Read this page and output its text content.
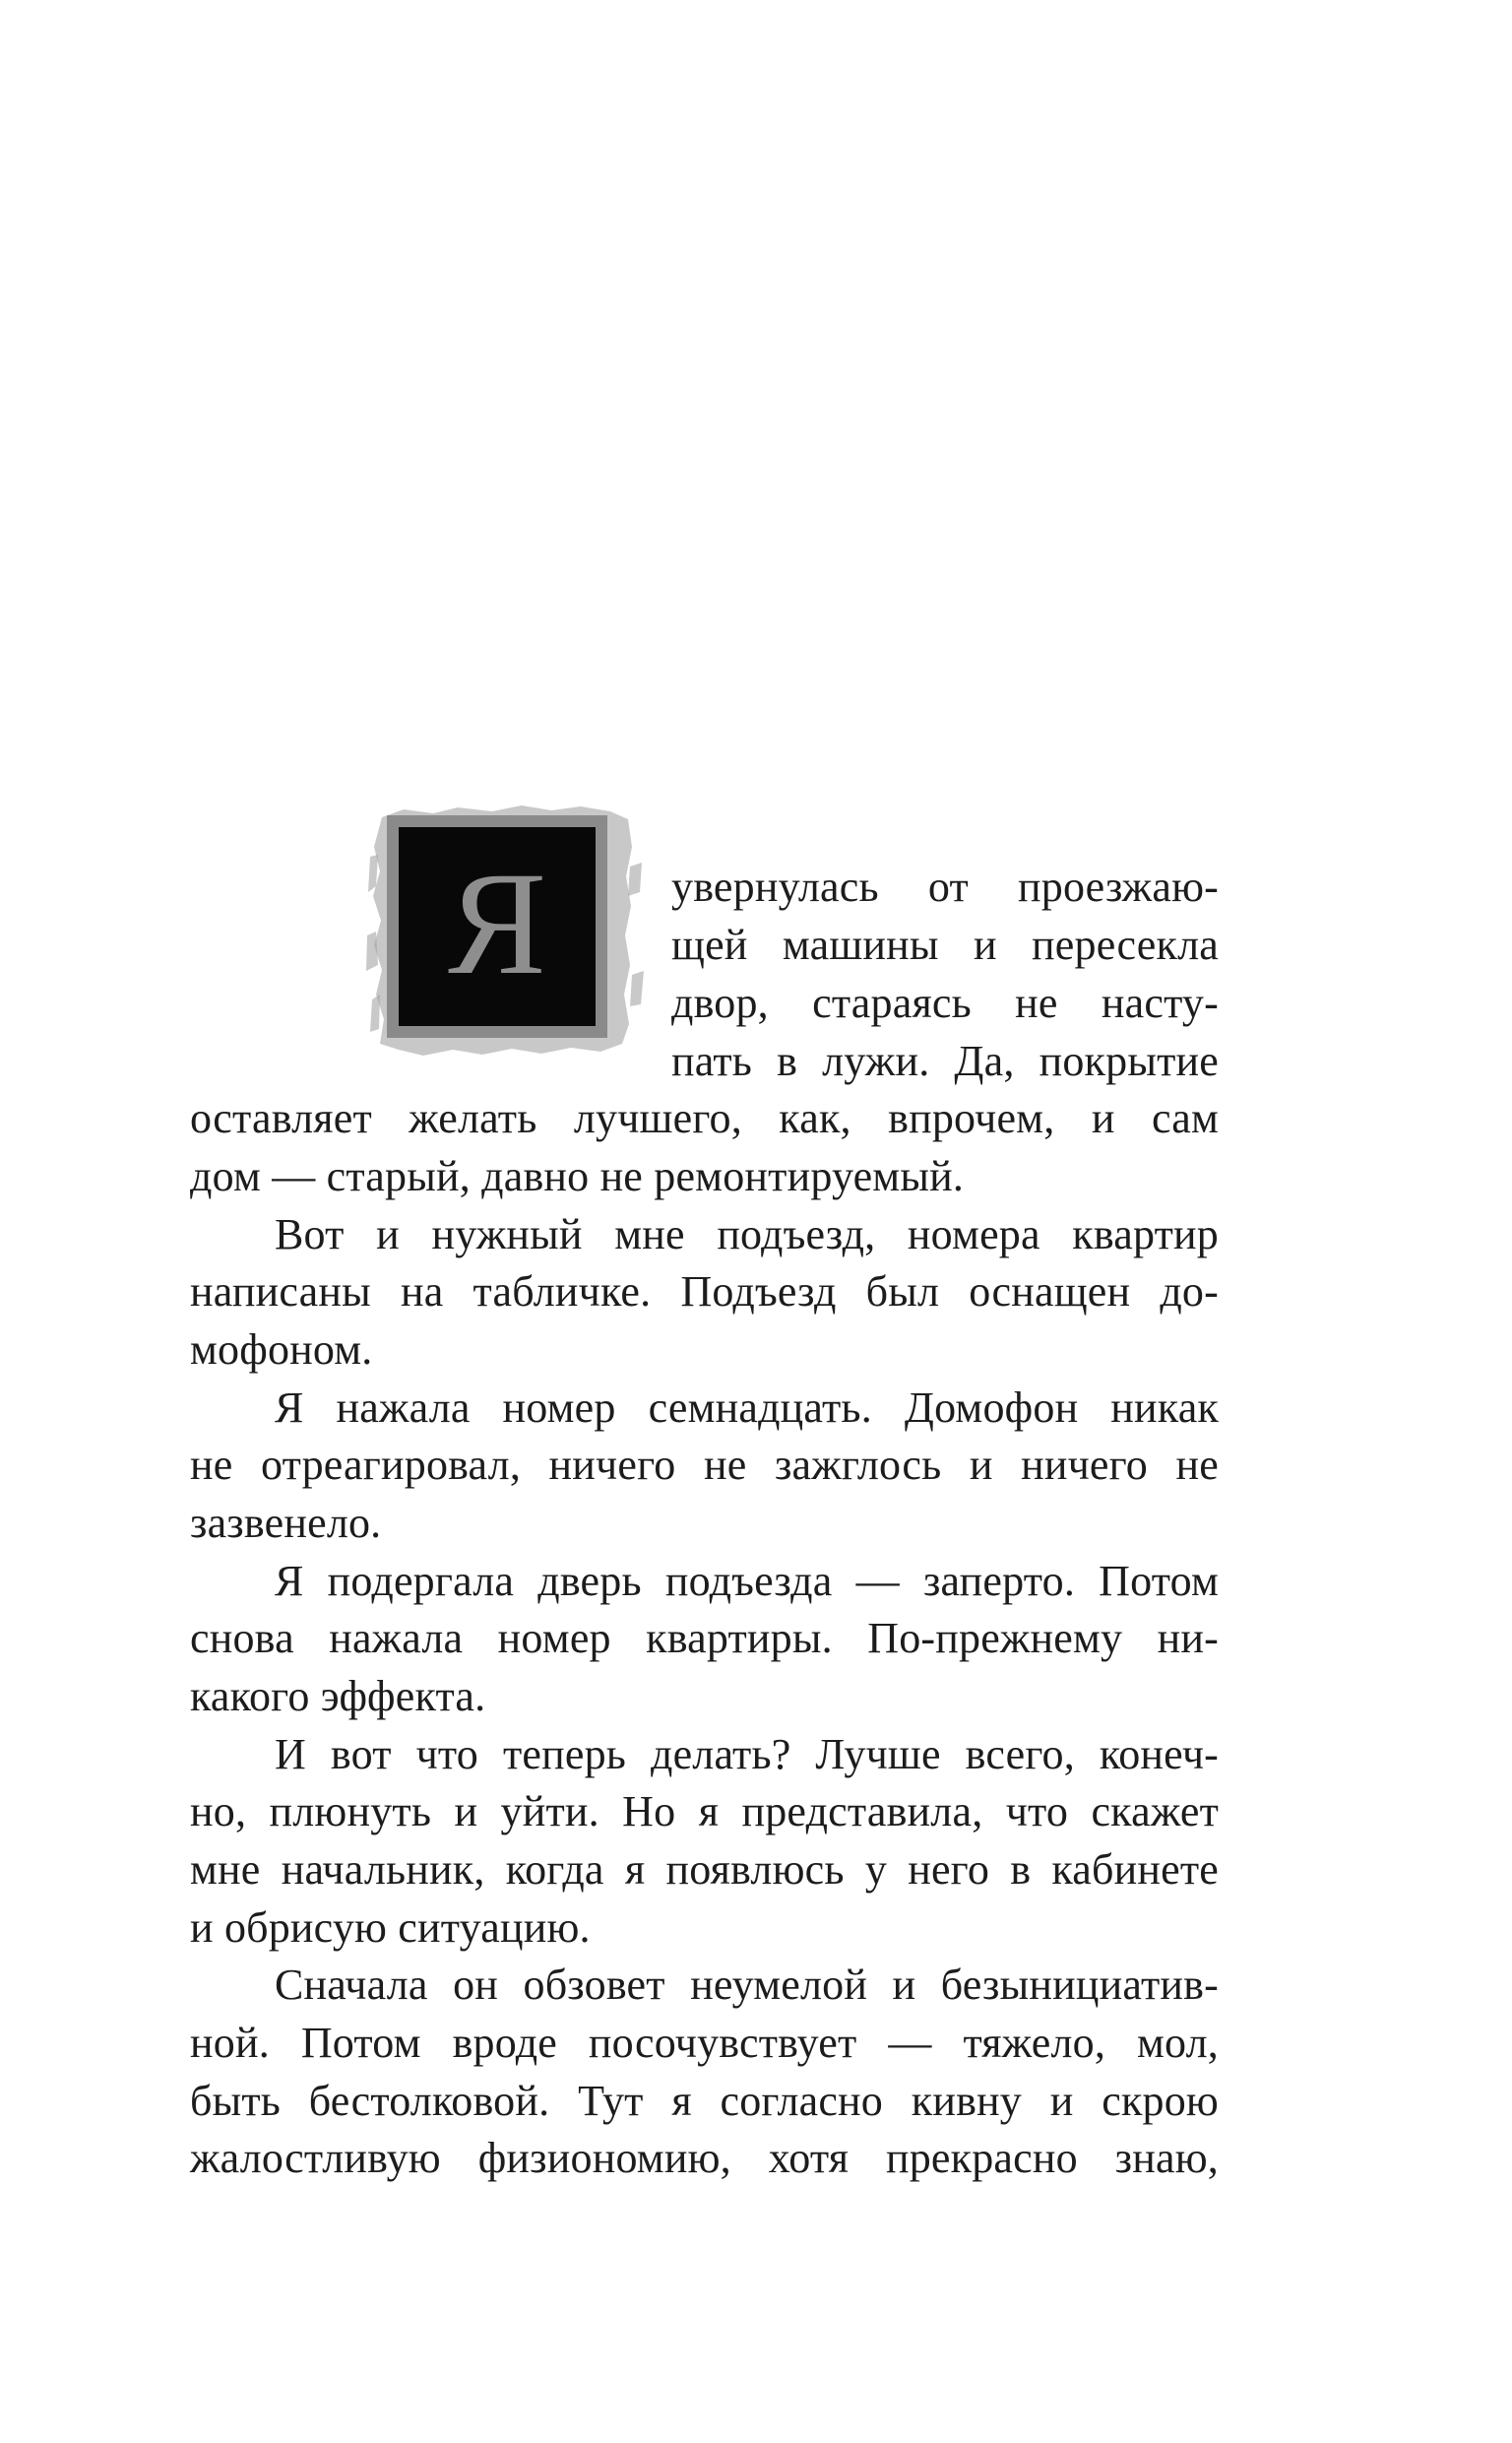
Я	увернулась от проезжаю-
щей машины и пересекла
двор, стараясь не насту-
пать в лужи. Да, покрытие
оставляет желать лучшего, как, впрочем, и сам
дом — старый, давно не ремонтируемый.
Вот и нужный мне подъезд, номера квартир
написаны на табличке. Подъезд был оснащен до-
мофоном.
Я нажала номер семнадцать. Домофон никак
не отреагировал, ничего не зажглось и ничего не
зазвенело.
Я подергала дверь подъезда — заперто. Потом
снова нажала номер квартиры. По-прежнему ни-
какого эффекта.
И вот что теперь делать? Лучше всего, конеч-
но, плюнуть и уйти. Но я представила, что скажет
мне начальник, когда я появлюсь у него в кабинете
и обрисую ситуацию.
Сначала он обзовет неумелой и безынициатив-
ной. Потом вроде посочувствует — тяжело, мол,
быть бестолковой. Тут я согласно кивну и скрою
жалостливую физиономию, хотя прекрасно знаю,
